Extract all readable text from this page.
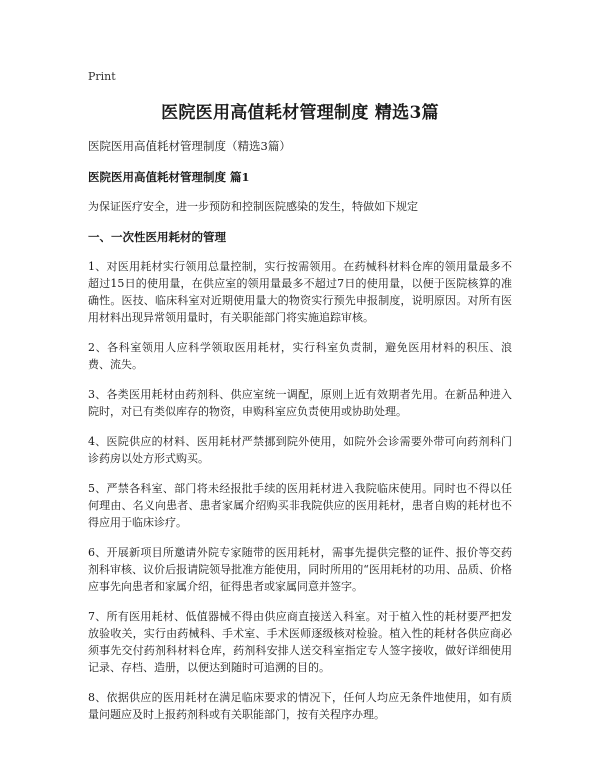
Print
医院医用高值耗材管理制度 精选3篇
医院医用高值耗材管理制度（精选3篇）
医院医用高值耗材管理制度 篇1
为保证医疗安全，进一步预防和控制医院感染的发生，特做如下规定
一、一次性医用耗材的管理
1、对医用耗材实行领用总量控制，实行按需领用。在药械科材料仓库的领用量最多不超过15日的使用量，在供应室的领用量最多不超过7日的使用量，以便于医院核算的准确性。医技、临床科室对近期使用量大的物资实行预先申报制度，说明原因。对所有医用材料出现异常领用量时，有关职能部门将实施追踪审核。
2、各科室领用人应科学领取医用耗材，实行科室负责制，避免医用材料的积压、浪费、流失。
3、各类医用耗材由药剂科、供应室统一调配，原则上近有效期者先用。在新品种进入院时，对已有类似库存的物资，申购科室应负责使用或协助处理。
4、医院供应的材料、医用耗材严禁挪到院外使用，如院外会诊需要外带可向药剂科门诊药房以处方形式购买。
5、严禁各科室、部门将未经报批手续的医用耗材进入我院临床使用。同时也不得以任何理由、名义向患者、患者家属介绍购买非我院供应的医用耗材，患者自购的耗材也不得应用于临床诊疗。
6、开展新项目所邀请外院专家随带的医用耗材，需事先提供完整的证件、报价等交药剂科审核、议价后报请院领导批准方能使用，同时所用的“医用耗材的功用、品质、价格应事先向患者和家属介绍，征得患者或家属同意并签字。
7、所有医用耗材、低值器械不得由供应商直接送入科室。对于植入性的耗材要严把发放验收关，实行由药械科、手术室、手术医师逐级核对检验。植入性的耗材各供应商必须事先交付药剂科材料仓库，药剂科安排人送交科室指定专人签字接收，做好详细使用记录、存档、造册，以便达到随时可追溯的目的。
8、依据供应的医用耗材在满足临床要求的情况下，任何人均应无条件地使用，如有质量问题应及时上报药剂科或有关职能部门，按有关程序办理。
